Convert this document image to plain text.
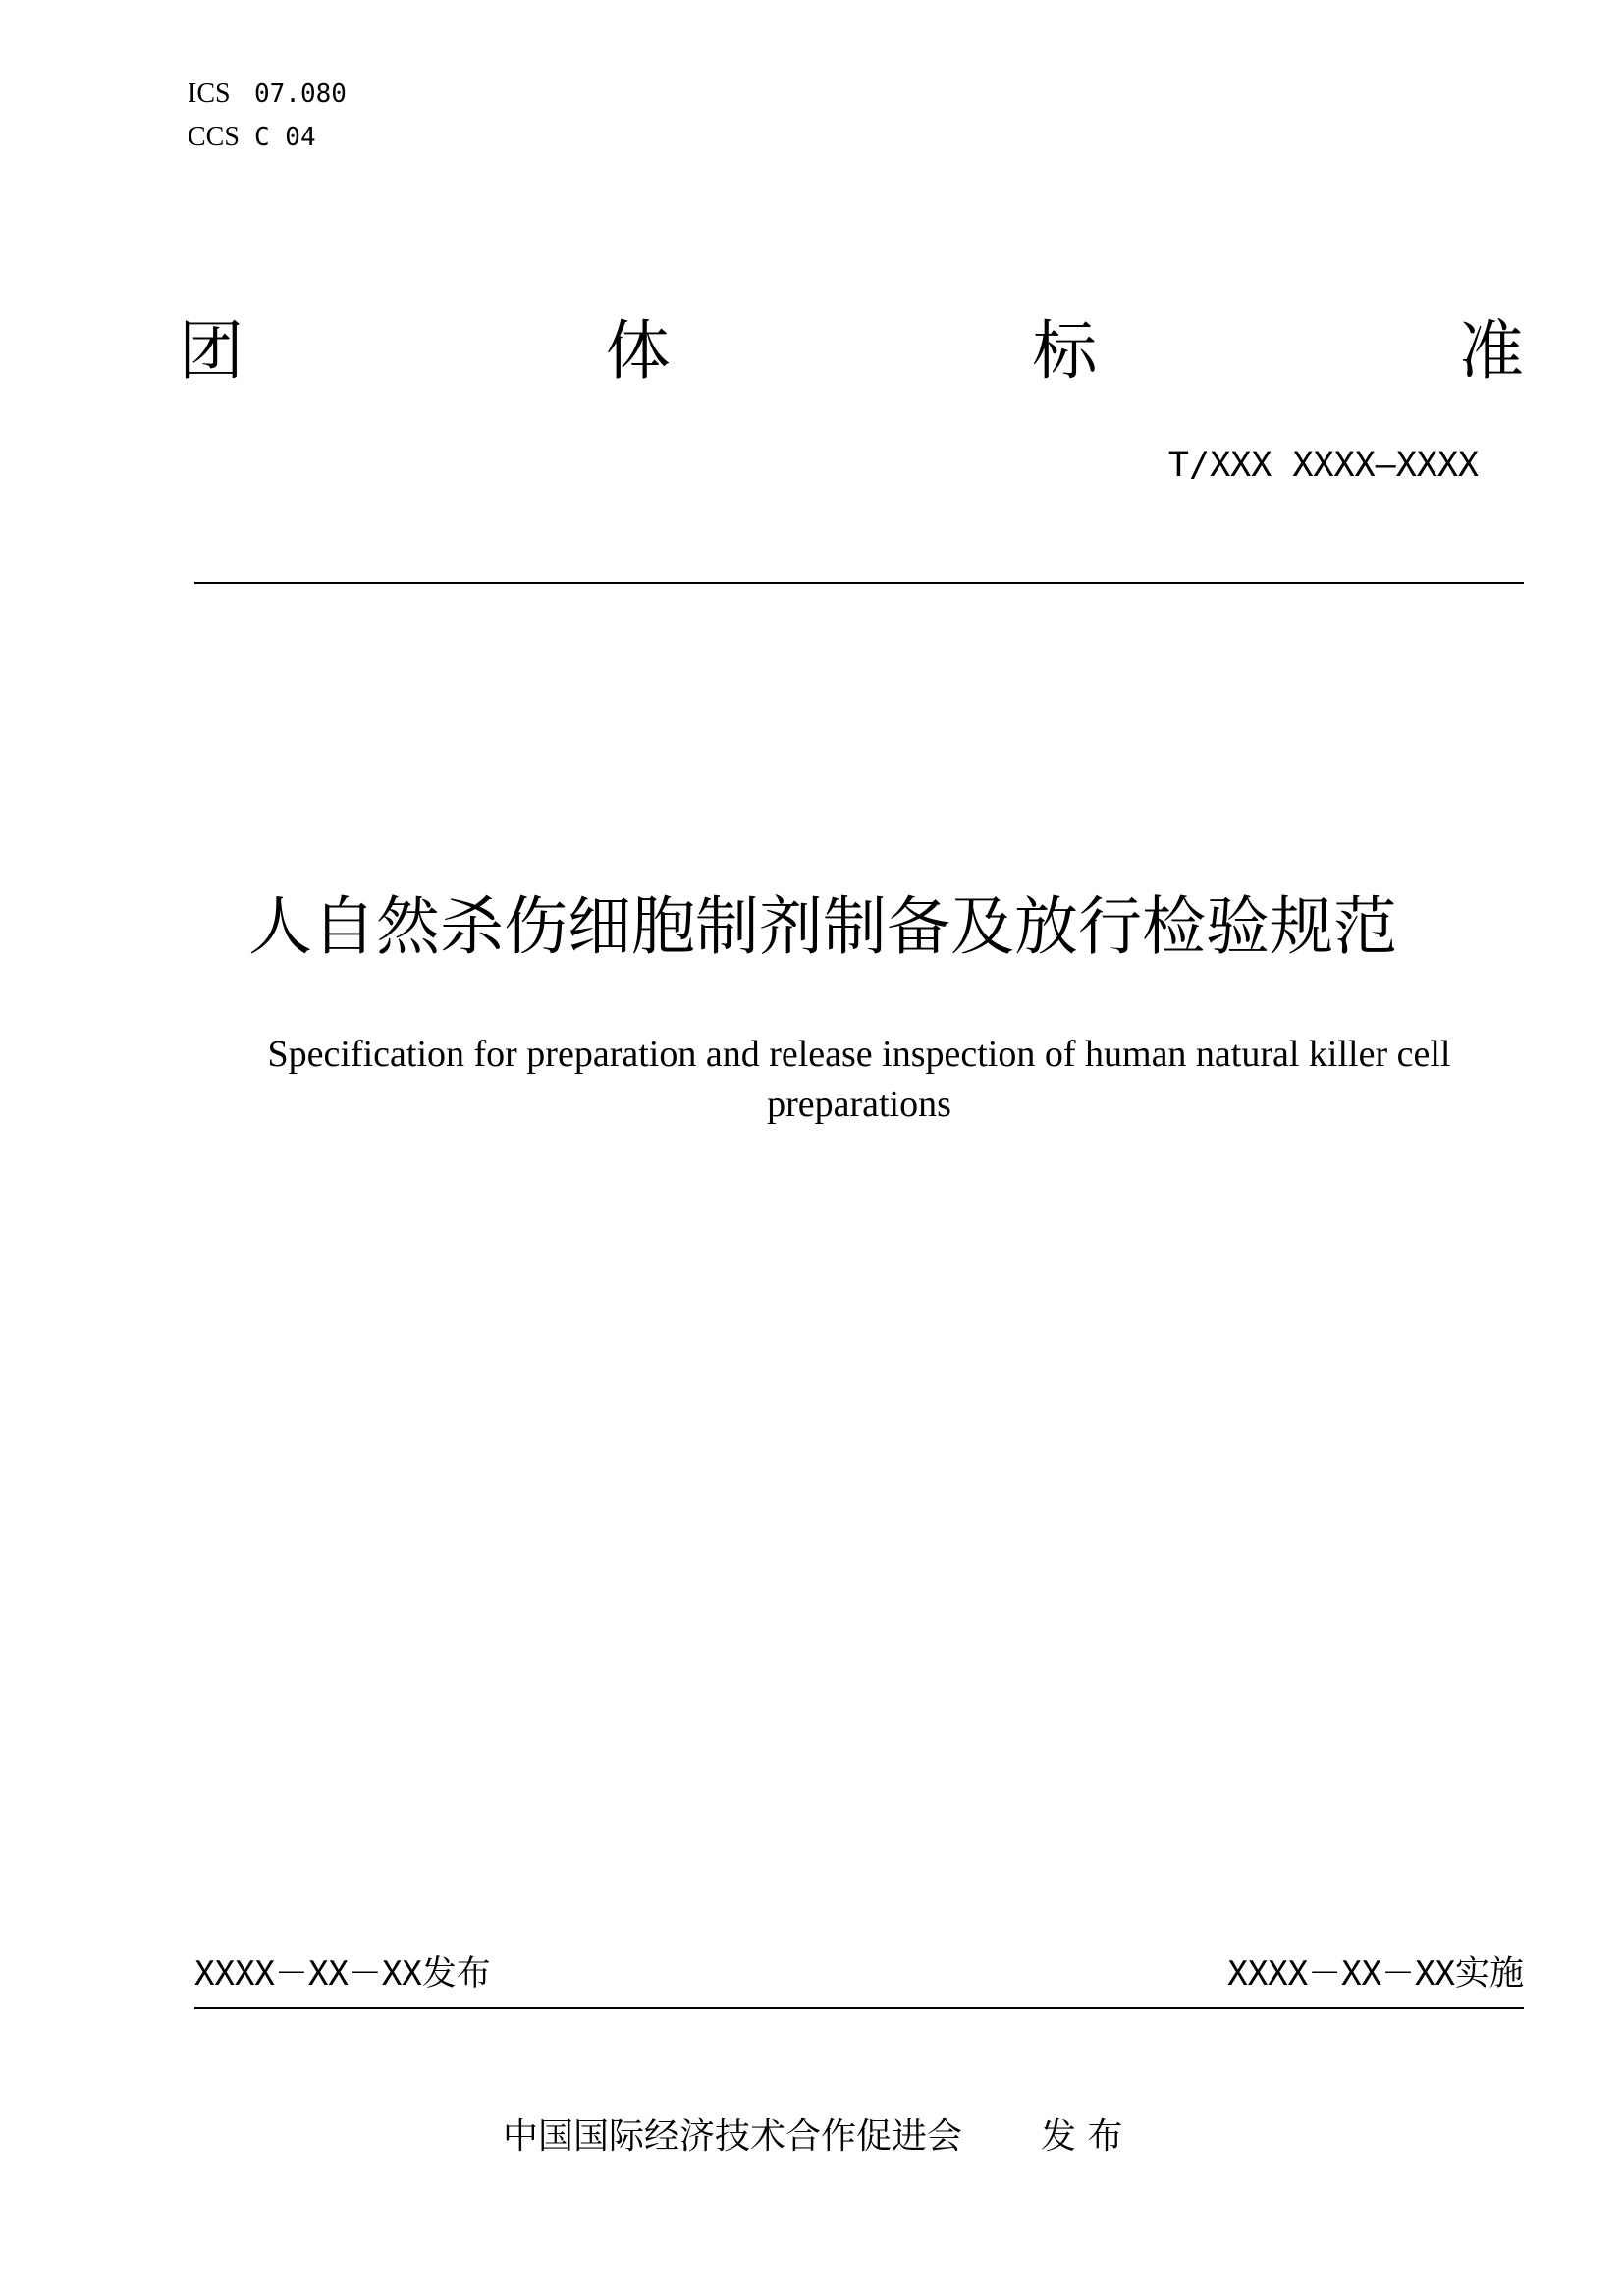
ICS 07.080
CCS C 04
团	体	标	准
T/XXX XXXX—XXXX
人自然杀伤细胞制剂制备及放行检验规范
Specification for preparation and release inspection of human natural killer cell preparations
XXXX－XX－XX发布	XXXX－XX－XX实施
中国国际经济技术合作促进会 发 布
